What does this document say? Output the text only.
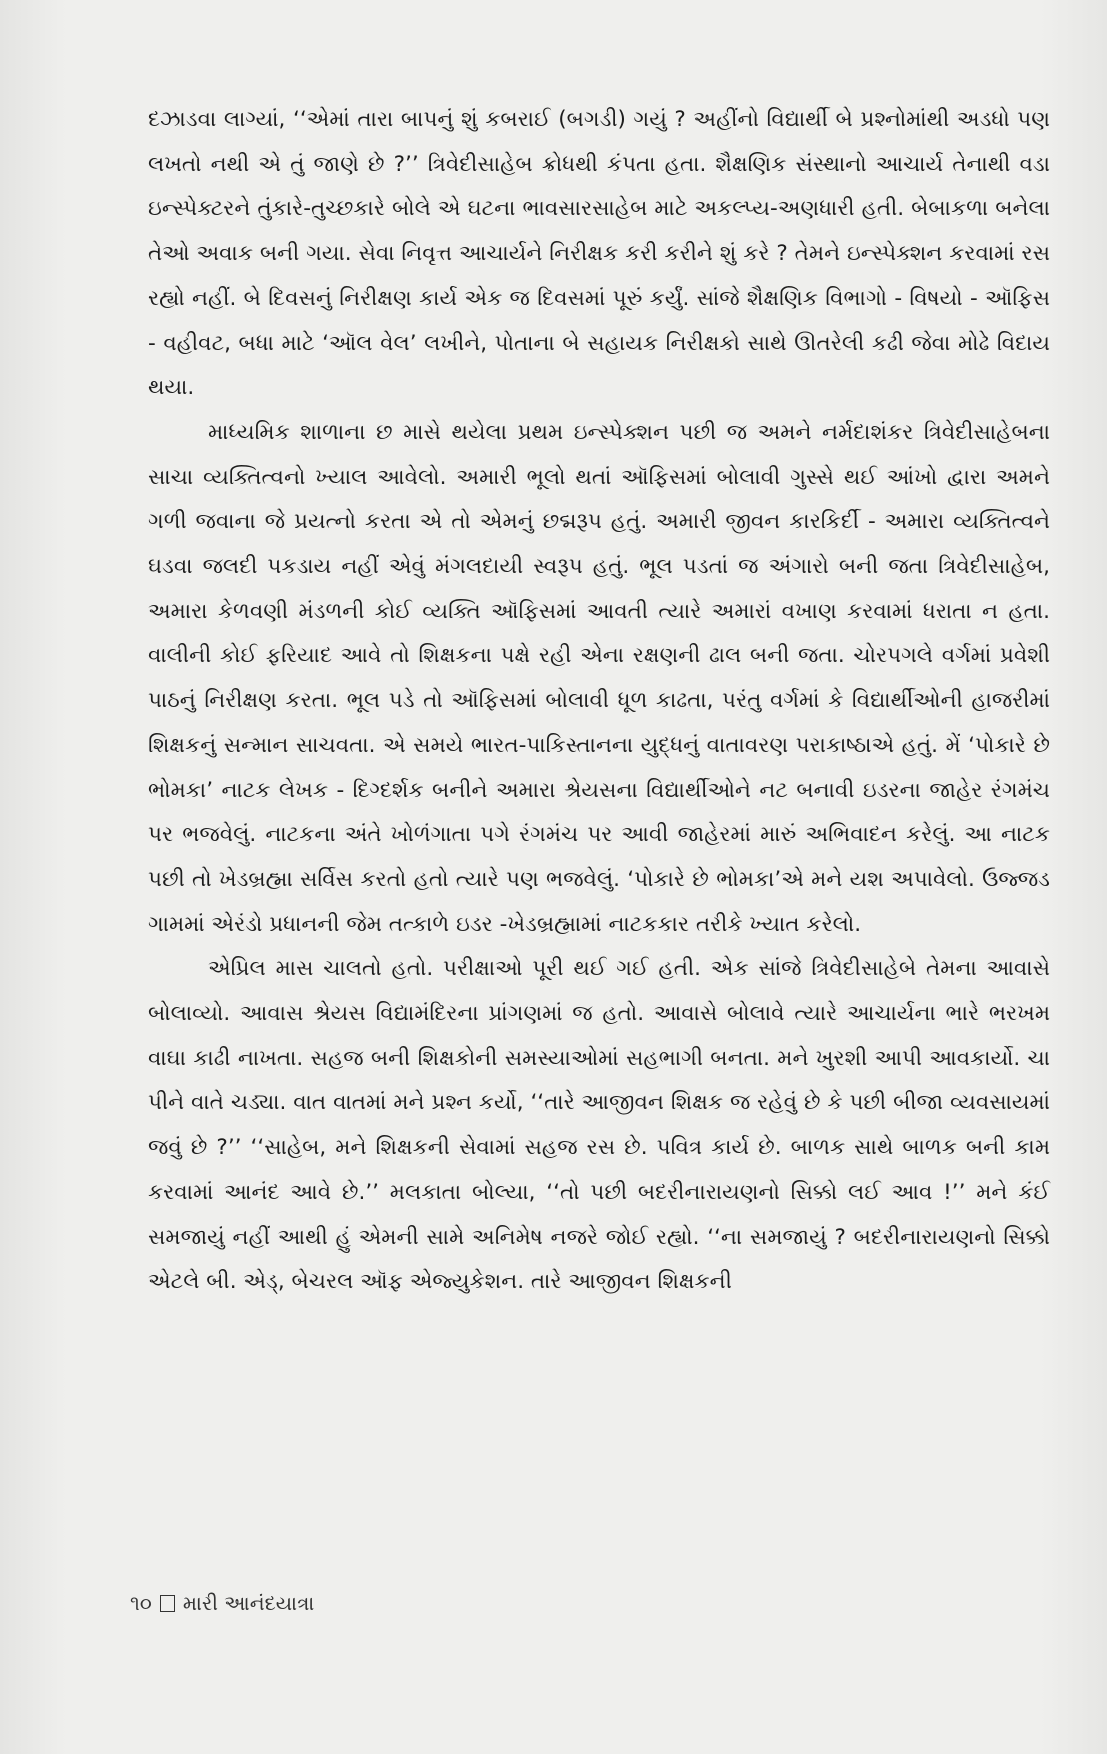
દઝાડવા લાગ્યાં, ‘‘એમાં તારા બાપનું શું કબરાઈ (બગડી) ગયું ? અહીંનો વિદ્યાર્થી બે પ્રશ્નોમાંથી અડધો પણ લખતો નથી એ તું જાણે છે ?’’ ત્રિવેદીસાહેબ ક્રોધથી કંપતા હતા. શૈક્ષણિક સંસ્થાનો આચાર્ય તેનાથી વડા ઇન્સ્પેક્ટરને તુંકારે-તુચ્છકારે બોલે એ ઘટના ભાવસારસાહેબ માટે અકલ્પ્ય-અણધારી હતી. બેબાકળા બનેલા તેઓ અવાક બની ગયા. સેવા નિવૃત્ત આચાર્યને નિરીક્ષક કરી કરીને શું કરે ? તેમને ઇન્સ્પેક્શન કરવામાં રસ રહ્યો નહીં. બે દિવસનું નિરીક્ષણ કાર્ય એક જ દિવસમાં પૂરું કર્યું. સાંજે શૈક્ષણિક વિભાગો - વિષયો - ઑફિસ - વહીવટ, બધા માટે ‘ઑલ વેલ’ લખીને, પોતાના બે સહાયક નિરીક્ષકો સાથે ઊતરેલી કઢી જેવા મોઢે વિદાય થયા.

માધ્યમિક શાળાના છ માસે થયેલા પ્રથમ ઇન્સ્પેક્શન પછી જ અમને નર્મદાશંકર ત્રિવેદીસાહેબના સાચા વ્યક્તિત્વનો ખ્યાલ આવેલો. અમારી ભૂલો થતાં ઑફિસમાં બોલાવી ગુસ્સે થઈ આંખો દ્વારા અમને ગળી જવાના જે પ્રયત્નો કરતા એ તો એમનું છદ્મરૂપ હતું. અમારી જીવન કારકિર્દી - અમારા વ્યક્તિત્વને ઘડવા જલદી પકડાય નહીં એવું મંગલદાયી સ્વરૂપ હતું. ભૂલ પડતાં જ અંગારો બની જતા ત્રિવેદીસાહેબ, અમારા કેળવણી મંડળની કોઈ વ્યક્તિ ઑફિસમાં આવતી ત્યારે અમારાં વખાણ કરવામાં ધરાતા ન હતા. વાલીની કોઈ ફરિયાદ આવે તો શિક્ષકના પક્ષે રહી એના રક્ષણની ઢાલ બની જતા. ચોરપગલે વર્ગમાં પ્રવેશી પાઠનું નિરીક્ષણ કરતા. ભૂલ પડે તો ઑફિસમાં બોલાવી ધૂળ કાઢતા, પરંતુ વર્ગમાં કે વિદ્યાર્થીઓની હાજરીમાં શિક્ષકનું સન્માન સાચવતા. એ સમયે ભારત-પાકિસ્તાનના યુદ્ધનું વાતાવરણ પરાકાષ્ઠાએ હતું. મેં ‘પોકારે છે ભોમકા’ નાટક લેખક - દિગ્દર્શક બનીને અમારા શ્રેયસના વિદ્યાર્થીઓને નટ બનાવી ઇડરના જાહેર રંગમંચ પર ભજવેલું. નાટકના અંતે ખોળંગાતા પગે રંગમંચ પર આવી જાહેરમાં મારું અભિવાદન કરેલું. આ નાટક પછી તો ખેડબ્રહ્મા સર્વિસ કરતો હતો ત્યારે પણ ભજવેલું. ‘પોકારે છે ભોમકા’એ મને યશ અપાવેલો. ઉજ્જડ ગામમાં એરંડો પ્રધાનની જેમ તત્કાળે ઇડર -ખેડબ્રહ્મામાં નાટકકાર તરીકે ખ્યાત કરેલો.

એપ્રિલ માસ ચાલતો હતો. પરીક્ષાઓ પૂરી થઈ ગઈ હતી. એક સાંજે ત્રિવેદીસાહેબે તેમના આવાસે બોલાવ્યો. આવાસ શ્રેયસ વિદ્યામંદિરના પ્રાંગણમાં જ હતો. આવાસે બોલાવે ત્યારે આચાર્યના ભારે ભરખમ વાઘા કાઢી નાખતા. સહજ બની શિક્ષકોની સમસ્યાઓમાં સહભાગી બનતા. મને ખુરશી આપી આવકાર્યો. ચા પીને વાતે ચડ્યા. વાત વાતમાં મને પ્રશ્ન કર્યો, ‘‘તારે આજીવન શિક્ષક જ રહેવું છે કે પછી બીજા વ્યવસાયમાં જવું છે ?’’ ‘‘સાહેબ, મને શિક્ષકની સેવામાં સહજ રસ છે. પવિત્ર કાર્ય છે. બાળક સાથે બાળક બની કામ કરવામાં આનંદ આવે છે.’’ મલકાતા બોલ્યા, ‘‘તો પછી બદરીનારાયણનો સિક્કો લઈ આવ !’’ મને કંઈ સમજાયું નહીં આથી હું એમની સામે અનિમેષ નજરે જોઈ રહ્યો. ‘‘ના સમજાયું ? બદરીનારાયણનો સિક્કો એટલે બી. એડ્, બેચરલ ઑફ એજ્યુકેશન. તારે આજીવન શિક્ષકની

૧૦ મારી આનંદયાત્રા
